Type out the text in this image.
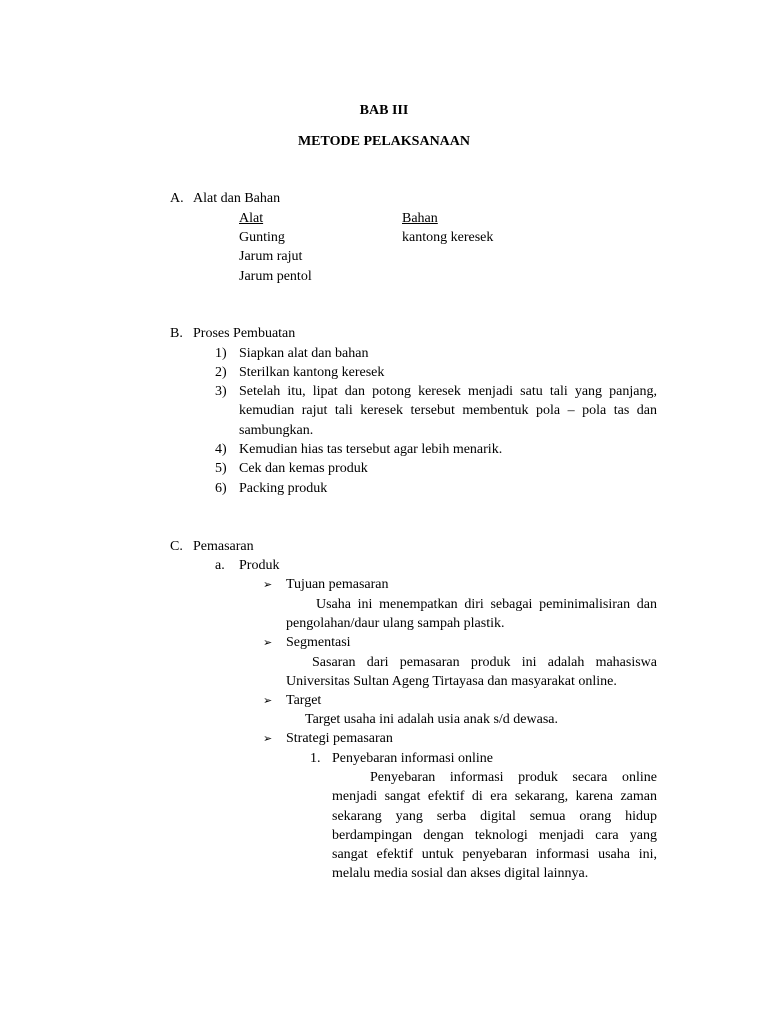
BAB III
METODE PELAKSANAAN
A. Alat dan Bahan
Alat	Bahan
Gunting	kantong keresek
Jarum rajut
Jarum pentol
B. Proses Pembuatan
1) Siapkan alat dan bahan
2) Sterilkan kantong keresek
3) Setelah itu, lipat dan potong keresek menjadi satu tali yang panjang, kemudian rajut tali keresek tersebut membentuk pola – pola tas dan sambungkan.
4) Kemudian hias tas tersebut agar lebih menarik.
5) Cek dan kemas produk
6) Packing produk
C. Pemasaran
a. Produk
➢ Tujuan pemasaran
Usaha ini menempatkan diri sebagai peminimalisiran dan pengolahan/daur ulang sampah plastik.
➢ Segmentasi
Sasaran dari pemasaran produk ini adalah mahasiswa Universitas Sultan Ageng Tirtayasa dan masyarakat online.
➢ Target
Target usaha ini adalah usia anak s/d dewasa.
➢ Strategi pemasaran
1. Penyebaran informasi online
Penyebaran informasi produk secara online menjadi sangat efektif di era sekarang, karena zaman sekarang yang serba digital semua orang hidup berdampingan dengan teknologi menjadi cara yang sangat efektif untuk penyebaran informasi usaha ini, melalu media sosial dan akses digital lainnya.
